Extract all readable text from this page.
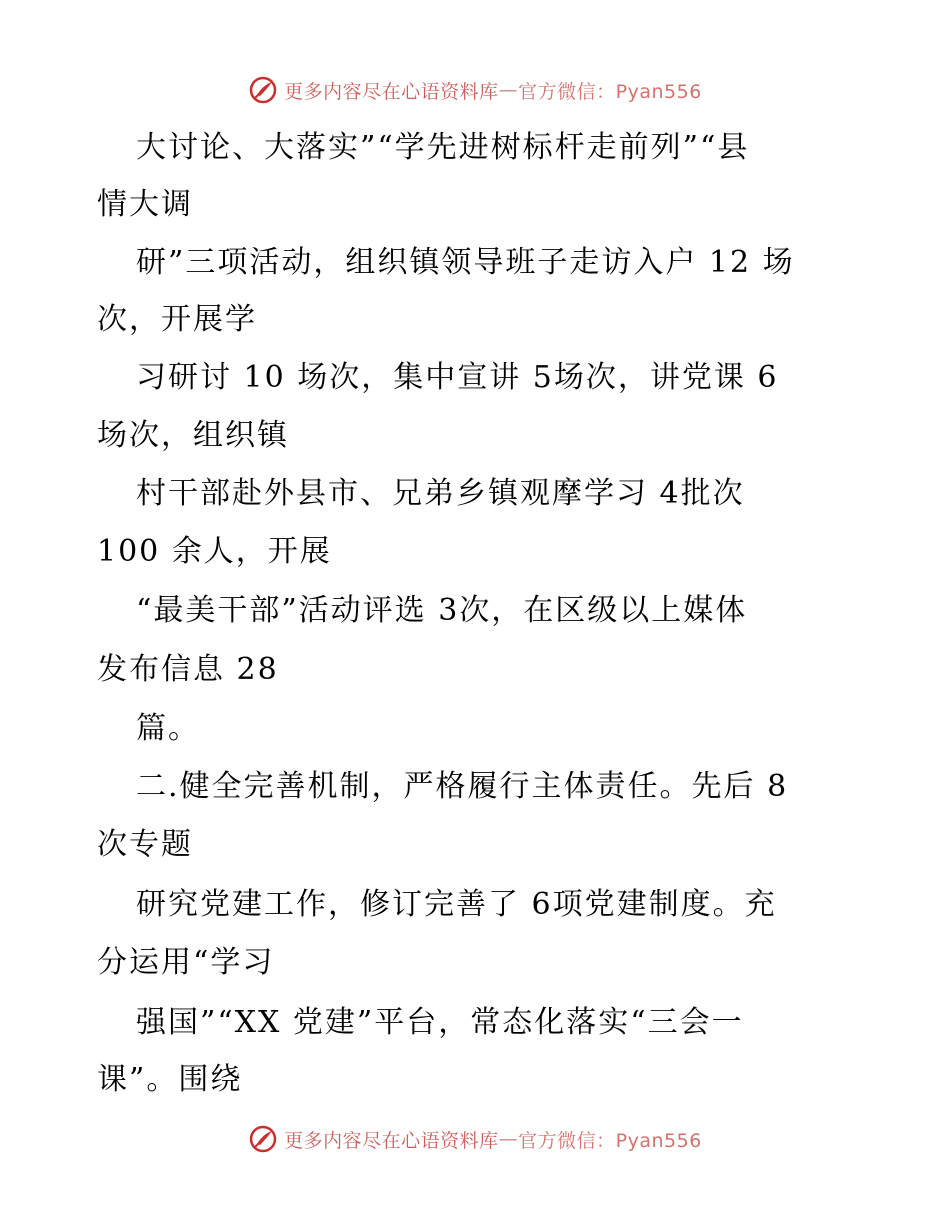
更多内容尽在心语资料库 — 官方微信：Pyan556
大讨论、大落实”“学先进树标杆走前列”“县
情大调
研”三项活动，组织镇领导班子走访入户 12 场
次，开展学
习研讨 10 场次，集中宣讲 5场次，讲党课 6
场次，组织镇
村干部赴外县市、兄弟乡镇观摩学习 4批次
100 余人，开展
“最美干部”活动评选 3次，在区级以上媒体
发布信息 28
篇。
二.健全完善机制，严格履行主体责任。先后 8
次专题
研究党建工作，修订完善了 6项党建制度。充
分运用“学习
强国”“XX 党建”平台，常态化落实“三会一
课”。围绕
更多内容尽在心语资料库 — 官方微信：Pyan556
